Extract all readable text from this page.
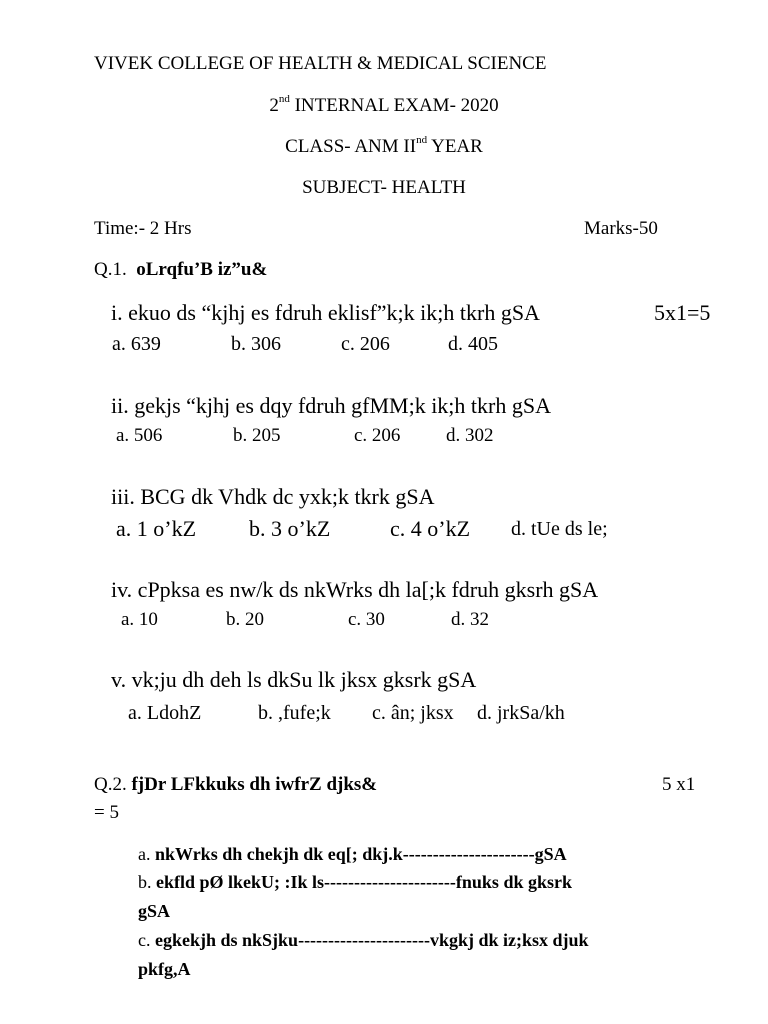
VIVEK COLLEGE OF HEALTH & MEDICAL SCIENCE
2nd INTERNAL EXAM- 2020
CLASS- ANM IInd YEAR
SUBJECT- HEALTH
Time:- 2 Hrs	Marks-50
Q.1. oLrqfu’B iz”u&
i. ekuo ds “kjhj es fdruh eklisf”k;k ik;h tkrh gSA	5x1=5
a. 639	b. 306	c. 206	d. 405
ii. gekjs “kjhj es dqy fdruh gfMM;k ik;h tkrh gSA
a. 506	b. 205	c. 206 d. 302
iii. BCG dk Vhdk dc yxk;k tkrk gSA
a. 1 o’kZ b. 3 o’kZ	c. 4 o’kZ d. tUe ds le;
iv. cPpksa es nw/k ds nkWrks dh la[;k fdruh gksrh gSA
a. 10	b. 20	c. 30	d. 32
v. vk;ju dh deh ls dkSu lk jksx gksrk gSA
a. LdohZ	b. ,fufe;k c. ân; jksx d. jrkSa/kh
Q.2. fjDr LFkkuks dh iwfrZ djks&	5 x1
= 5
a. nkWrks dh chekjh dk eq[; dkj.k----------------------gSA
b. ekfld pØ lkekU; :Ik ls----------------------fnuks dk gksrk
gSA
c. egkekjh ds nkSjku----------------------vkgkj dk iz;ksx djuk
pkfg,A
